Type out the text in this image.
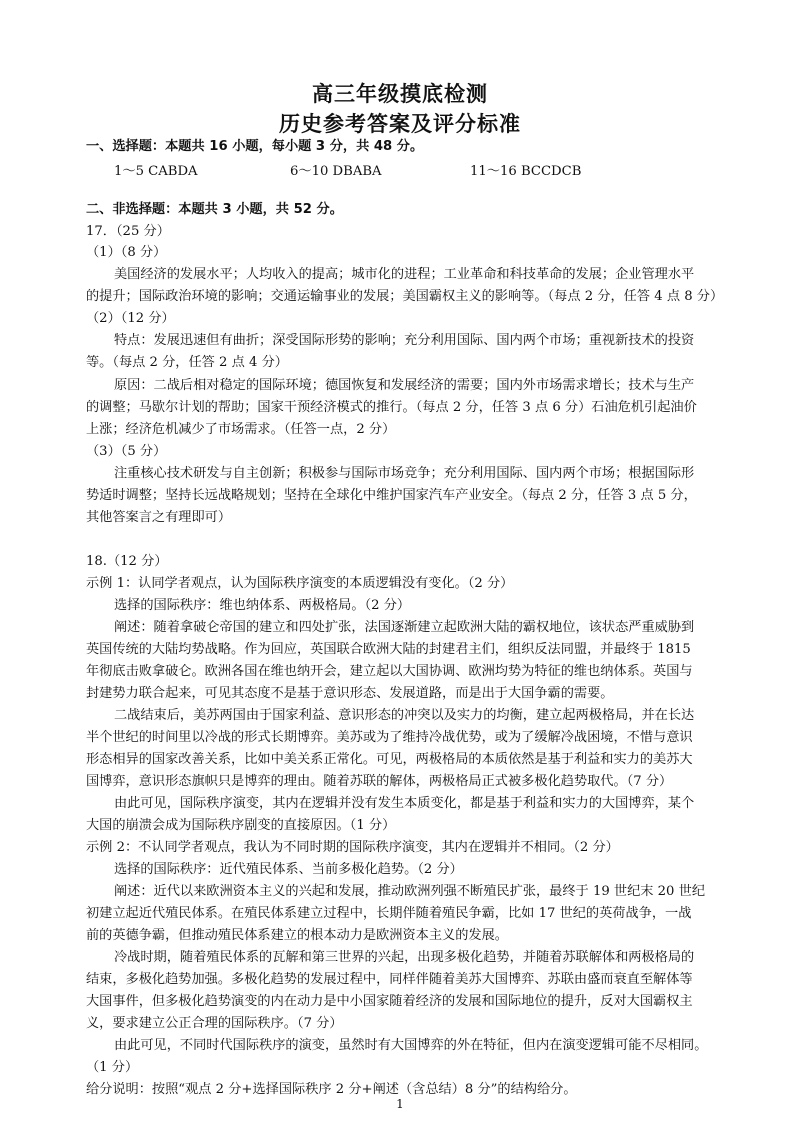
高三年级摸底检测
历史参考答案及评分标准
一、选择题：本题共 16 小题，每小题 3 分，共 48 分。
1～5 CABDA	6～10 DBABA	11～16 BCCDCB
二、非选择题：本题共 3 小题，共 52 分。
17．（25 分）
（1）（8 分）
美国经济的发展水平；人均收入的提高；城市化的进程；工业革命和科技革命的发展；企业管理水平
的提升；国际政治环境的影响；交通运输事业的发展；美国霸权主义的影响等。（每点 2 分，任答 4 点 8 分）
（2）（12 分）
特点：发展迅速但有曲折；深受国际形势的影响；充分利用国际、国内两个市场；重视新技术的投资
等。（每点 2 分，任答 2 点 4 分）
原因：二战后相对稳定的国际环境；德国恢复和发展经济的需要；国内外市场需求增长；技术与生产
的调整；马歇尔计划的帮助；国家干预经济模式的推行。（每点 2 分，任答 3 点 6 分）石油危机引起油价
上涨；经济危机减少了市场需求。（任答一点，2 分）
（3）（5 分）
注重核心技术研发与自主创新；积极参与国际市场竞争；充分利用国际、国内两个市场；根据国际形
势适时调整；坚持长远战略规划；坚持在全球化中维护国家汽车产业安全。（每点 2 分，任答 3 点 5 分，
其他答案言之有理即可）
18.（12 分）
示例 1：认同学者观点，认为国际秩序演变的本质逻辑没有变化。（2 分）
选择的国际秩序：维也纳体系、两极格局。（2 分）
阐述：随着拿破仑帝国的建立和四处扩张，法国逐渐建立起欧洲大陆的霸权地位，该状态严重威胁到
英国传统的大陆均势战略。作为回应，英国联合欧洲大陆的封建君主们，组织反法同盟，并最终于 1815
年彻底击败拿破仑。欧洲各国在维也纳开会，建立起以大国协调、欧洲均势为特征的维也纳体系。英国与
封建势力联合起来，可见其态度不是基于意识形态、发展道路，而是出于大国争霸的需要。
二战结束后，美苏两国由于国家利益、意识形态的冲突以及实力的均衡，建立起两极格局，并在长达
半个世纪的时间里以冷战的形式长期博弈。美苏或为了维持冷战优势，或为了缓解冷战困境，不惜与意识
形态相异的国家改善关系，比如中美关系正常化。可见，两极格局的本质依然是基于利益和实力的美苏大
国博弈，意识形态旗帜只是博弈的理由。随着苏联的解体，两极格局正式被多极化趋势取代。（7 分）
由此可见，国际秩序演变，其内在逻辑并没有发生本质变化，都是基于利益和实力的大国博弈，某个
大国的崩溃会成为国际秩序剧变的直接原因。（1 分）
示例 2：不认同学者观点，我认为不同时期的国际秩序演变，其内在逻辑并不相同。（2 分）
选择的国际秩序：近代殖民体系、当前多极化趋势。（2 分）
阐述：近代以来欧洲资本主义的兴起和发展，推动欧洲列强不断殖民扩张，最终于 19 世纪末 20 世纪
初建立起近代殖民体系。在殖民体系建立过程中，长期伴随着殖民争霸，比如 17 世纪的英荷战争，一战
前的英德争霸，但推动殖民体系建立的根本动力是欧洲资本主义的发展。
冷战时期，随着殖民体系的瓦解和第三世界的兴起，出现多极化趋势，并随着苏联解体和两极格局的
结束，多极化趋势加强。多极化趋势的发展过程中，同样伴随着美苏大国博弈、苏联由盛而衰直至解体等
大国事件，但多极化趋势演变的内在动力是中小国家随着经济的发展和国际地位的提升，反对大国霸权主
义，要求建立公正合理的国际秩序。（7 分）
由此可见，不同时代国际秩序的演变，虽然时有大国博弈的外在特征，但内在演变逻辑可能不尽相同。
（1 分）
给分说明：按照“观点 2 分+选择国际秩序 2 分+阐述（含总结）8 分”的结构给分。
1
